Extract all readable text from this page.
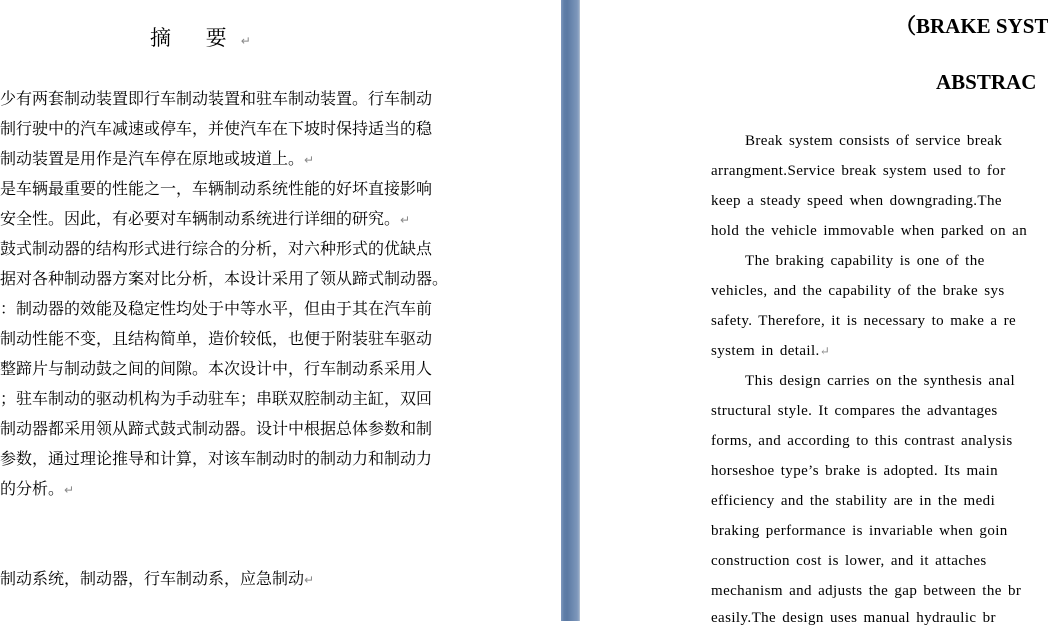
摘 要↵
少有两套制动装置即行车制动装置和驻车制动装置。行车制动
制行驶中的汽车减速或停车，并使汽车在下坡时保持适当的稳
制动装置是用作是汽车停在原地或坡道上。↵
是车辆最重要的性能之一，车辆制动系统性能的好坏直接影响
安全性。因此，有必要对车辆制动系统进行详细的研究。↵
鼓式制动器的结构形式进行综合的分析，对六种形式的优缺点
据对各种制动器方案对比分析，本设计采用了领从蹄式制动器。
：制动器的效能及稳定性均处于中等水平，但由于其在汽车前
制动性能不变，且结构简单，造价较低，也便于附装驻车驱动
整蹄片与制动鼓之间的间隙。本次设计中，行车制动系采用人
；驻车制动的驱动机构为手动驻车；串联双腔制动主缸，双回
制动器都采用领从蹄式鼓式制动器。设计中根据总体参数和制
参数，通过理论推导和计算，对该车制动时的制动力和制动力
的分析。↵
制动系统，制动器，行车制动系，应急制动↵
（BRAKE SYST
ABSTRAC
Break system consists of service break
arrangment.Service break system used to for
keep a steady speed when downgrading.The
hold the vehicle immovable when parked on an
The braking capability is one of the
vehicles, and the capability of the brake sys
safety. Therefore, it is necessary to make a re
system in detail.↵
This design carries on the synthesis anal
structural style. It compares the advantages
forms, and according to this contrast analysis
horseshoe type’s brake is adopted. Its main
efficiency and the stability are in the medi
braking performance is invariable when goin
construction cost is lower, and it attaches
mechanism and adjusts the gap between the br
easily.The design uses manual hydraulic br
